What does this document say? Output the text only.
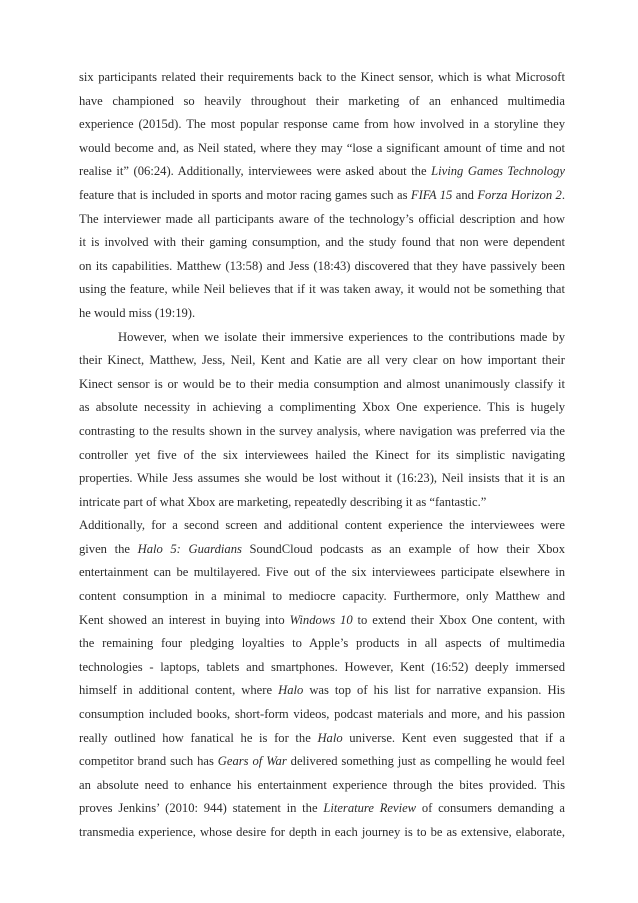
six participants related their requirements back to the Kinect sensor, which is what Microsoft
have championed so heavily throughout their marketing of an enhanced multimedia
experience (2015d). The most popular response came from how involved in a storyline they
would become and, as Neil stated, where they may “lose a significant amount of time and not
realise it” (06:24). Additionally, interviewees were asked about the Living Games Technology
feature that is included in sports and motor racing games such as FIFA 15 and Forza Horizon 2.
The interviewer made all participants aware of the technology’s official description and how
it is involved with their gaming consumption, and the study found that non were dependent
on its capabilities. Matthew (13:58) and Jess (18:43) discovered that they have passively been
using the feature, while Neil believes that if it was taken away, it would not be something that
he would miss (19:19).
However, when we isolate their immersive experiences to the contributions made by
their Kinect, Matthew, Jess, Neil, Kent and Katie are all very clear on how important their
Kinect sensor is or would be to their media consumption and almost unanimously classify it
as absolute necessity in achieving a complimenting Xbox One experience. This is hugely
contrasting to the results shown in the survey analysis, where navigation was preferred via the
controller yet five of the six interviewees hailed the Kinect for its simplistic navigating
properties. While Jess assumes she would be lost without it (16:23), Neil insists that it is an
intricate part of what Xbox are marketing, repeatedly describing it as “fantastic.”
Additionally, for a second screen and additional content experience the interviewees were
given the Halo 5: Guardians SoundCloud podcasts as an example of how their Xbox
entertainment can be multilayered. Five out of the six interviewees participate elsewhere in
content consumption in a minimal to mediocre capacity. Furthermore, only Matthew and
Kent showed an interest in buying into Windows 10 to extend their Xbox One content, with
the remaining four pledging loyalties to Apple’s products in all aspects of multimedia
technologies - laptops, tablets and smartphones. However, Kent (16:52) deeply immersed
himself in additional content, where Halo was top of his list for narrative expansion. His
consumption included books, short-form videos, podcast materials and more, and his passion
really outlined how fanatical he is for the Halo universe. Kent even suggested that if a
competitor brand such has Gears of War delivered something just as compelling he would feel
an absolute need to enhance his entertainment experience through the bites provided. This
proves Jenkins’ (2010: 944) statement in the Literature Review of consumers demanding a
transmedia experience, whose desire for depth in each journey is to be as extensive, elaborate,
